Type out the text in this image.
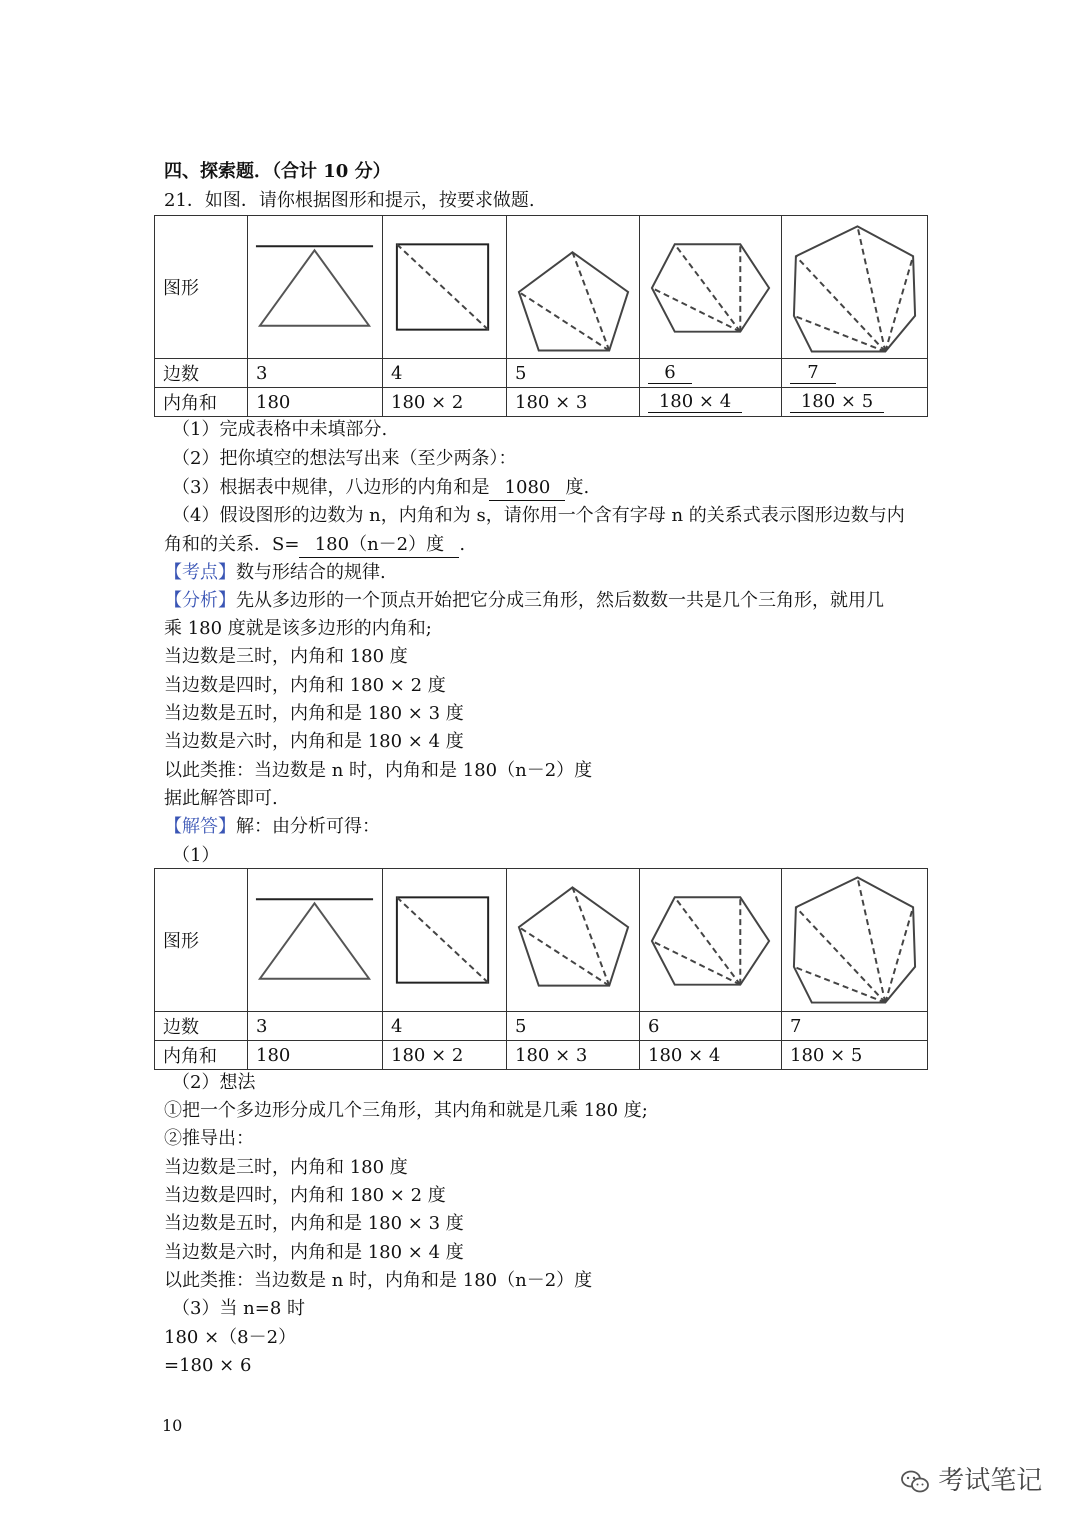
四、探索题．（合计 10 分）
21．如图．请你根据图形和提示，按要求做题.
图形	

边数	3	4	5	6	7
内角和	180	180 × 2	180 × 3	180 × 4	180 × 5
（1）完成表格中未填部分.
（2）把你填空的想法写出来（至少两条）：
（3）根据表中规律，八边形的内角和是 1080 度.
（4）假设图形的边数为 n，内角和为 s，请你用一个含有字母 n 的关系式表示图形边数与内
角和的关系．S= 180（n－2）度 .
【考点】数与形结合的规律.
【分析】先从多边形的一个顶点开始把它分成三角形，然后数数一共是几个三角形，就用几
乘 180 度就是该多边形的内角和;
当边数是三时，内角和 180 度
当边数是四时，内角和 180 × 2 度
当边数是五时，内角和是 180 × 3 度
当边数是六时，内角和是 180 × 4 度
以此类推：当边数是 n 时，内角和是 180（n－2）度
据此解答即可.
【解答】解：由分析可得：
（1）
图形	

边数	3	4	5	6	7
内角和	180	180 × 2	180 × 3	180 × 4	180 × 5
（2）想法
①把一个多边形分成几个三角形，其内角和就是几乘 180 度;
②推导出：
当边数是三时，内角和 180 度
当边数是四时，内角和 180 × 2 度
当边数是五时，内角和是 180 × 3 度
当边数是六时，内角和是 180 × 4 度
以此类推：当边数是 n 时，内角和是 180（n－2）度
（3）当 n=8 时
180 ×（8－2）
=180 × 6
10
考试笔记
